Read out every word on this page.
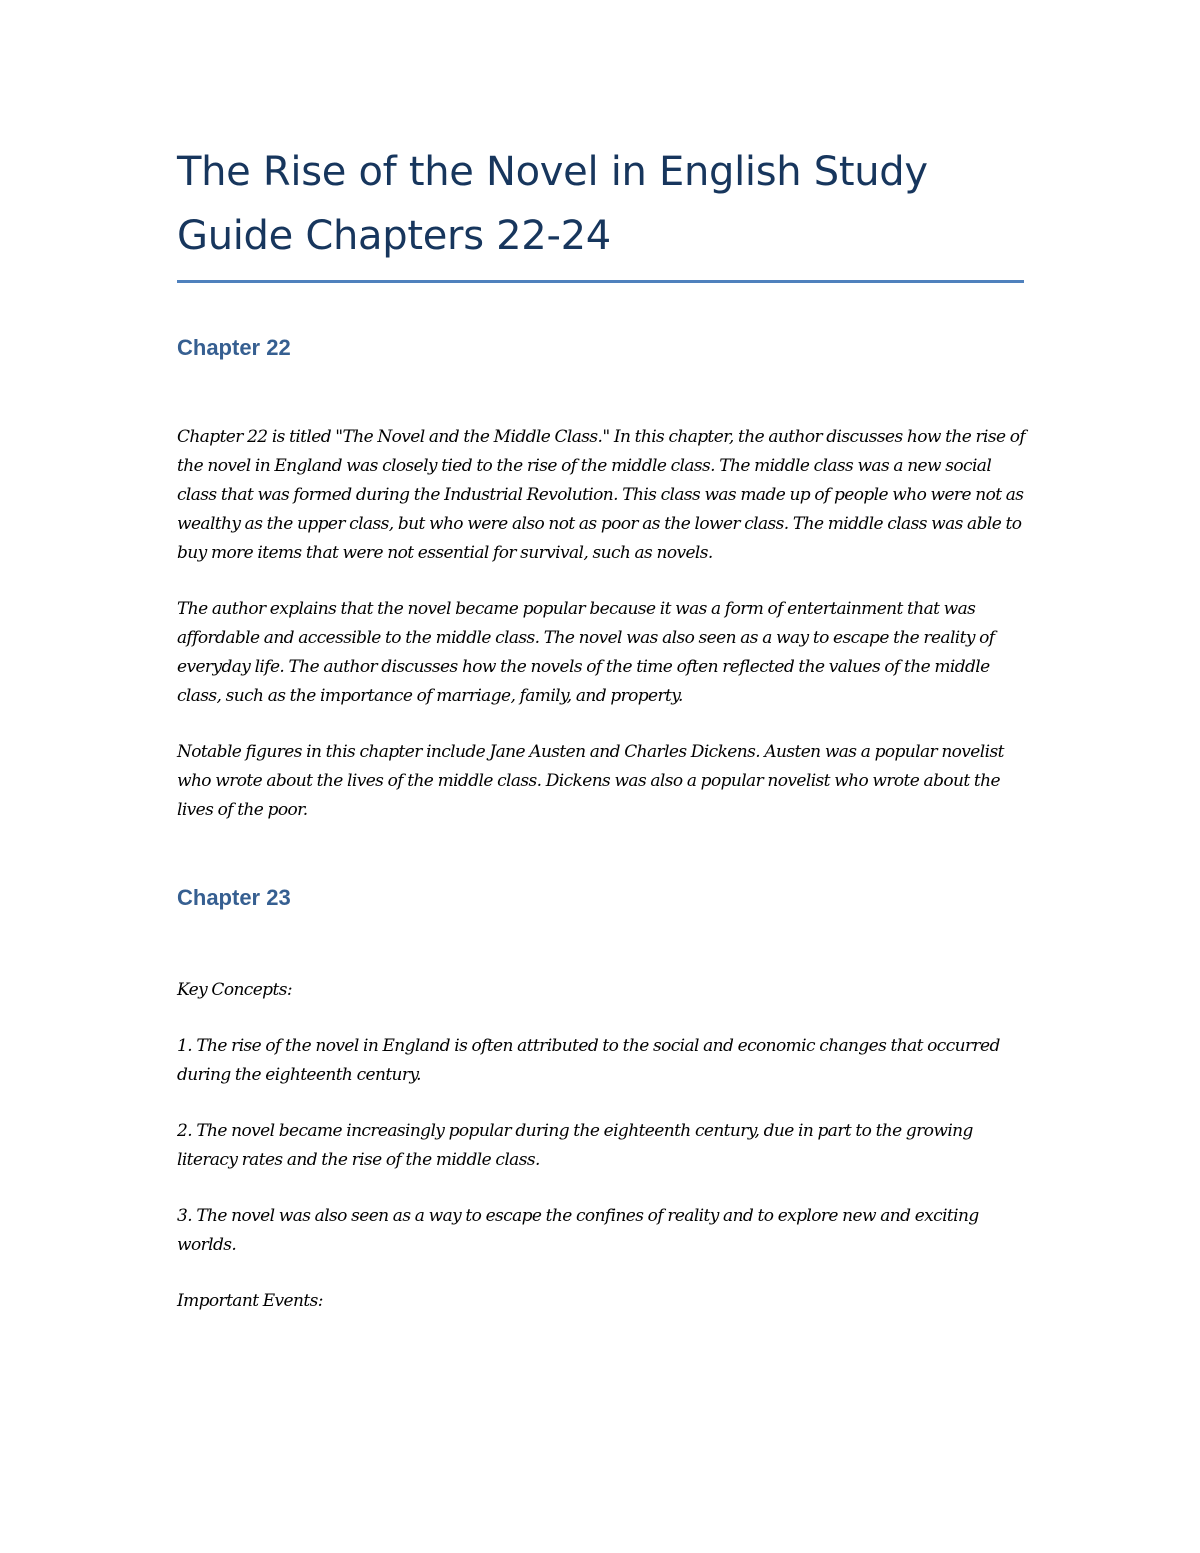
The Rise of the Novel in English Study Guide Chapters 22-24
Chapter 22

Chapter 22 is titled "The Novel and the Middle Class." In this chapter, the author discusses how the rise of the novel in England was closely tied to the rise of the middle class. The middle class was a new social class that was formed during the Industrial Revolution. This class was made up of people who were not as wealthy as the upper class, but who were also not as poor as the lower class. The middle class was able to buy more items that were not essential for survival, such as novels.

The author explains that the novel became popular because it was a form of entertainment that was affordable and accessible to the middle class. The novel was also seen as a way to escape the reality of everyday life. The author discusses how the novels of the time often reflected the values of the middle class, such as the importance of marriage, family, and property.

Notable figures in this chapter include Jane Austen and Charles Dickens. Austen was a popular novelist who wrote about the lives of the middle class. Dickens was also a popular novelist who wrote about the lives of the poor.

Chapter 23

Key Concepts:

1. The rise of the novel in England is often attributed to the social and economic changes that occurred during the eighteenth century.

2. The novel became increasingly popular during the eighteenth century, due in part to the growing literacy rates and the rise of the middle class.

3. The novel was also seen as a way to escape the confines of reality and to explore new and exciting worlds.

Important Events:
